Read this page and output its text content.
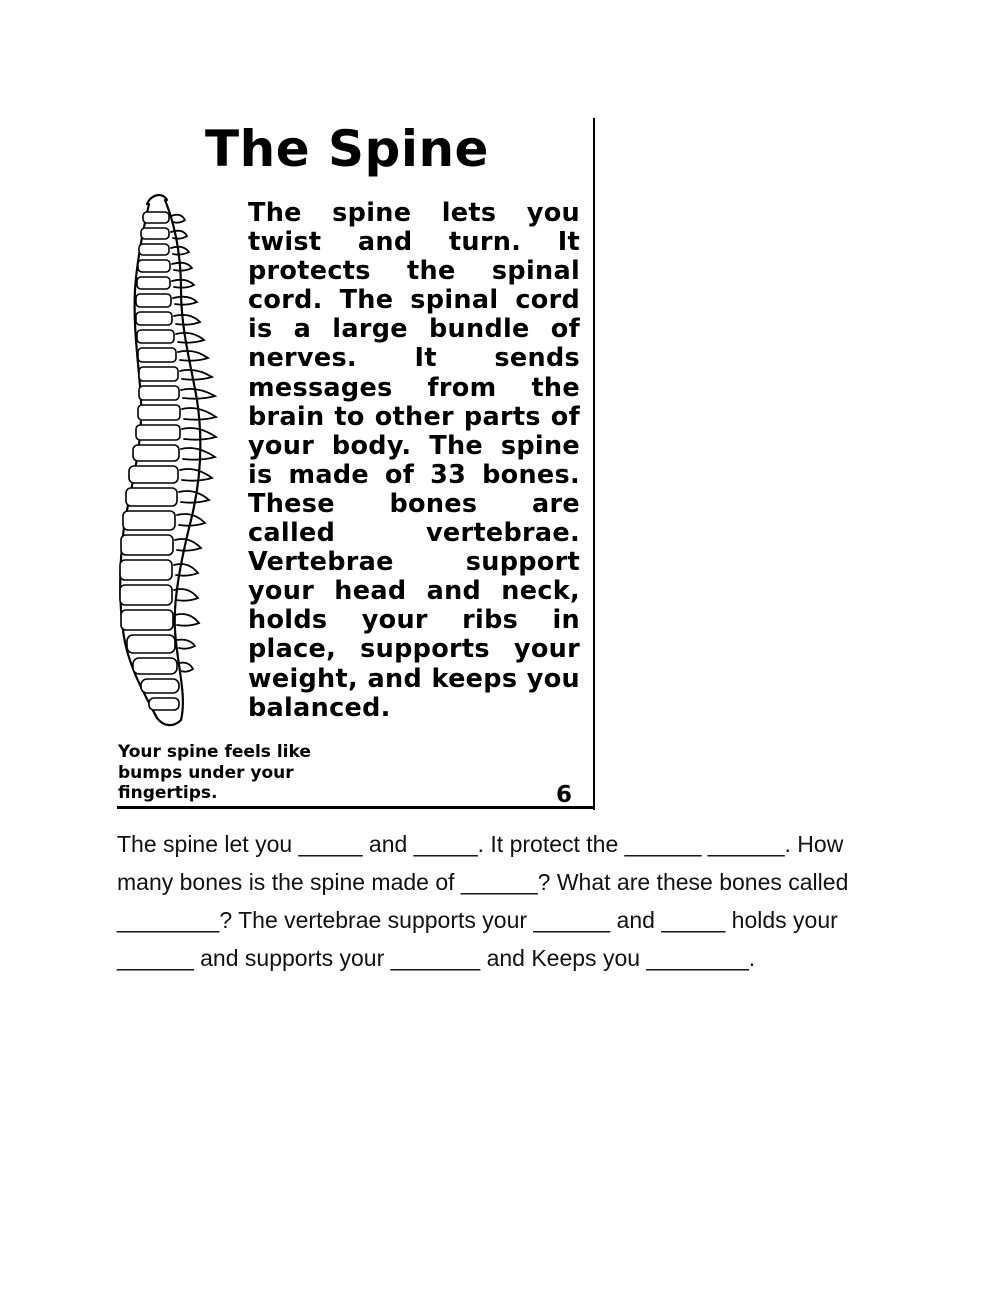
The Spine
The spine lets you twist and turn. It protects the spinal cord. The spinal cord is a large bundle of nerves. It sends messages from the brain to other parts of your body. The spine is made of 33 bones. These bones are called vertebrae. Vertebrae support your head and neck, holds your ribs in place, supports your weight, and keeps you balanced.
Your spine feels like bumps under your fingertips.	6
The spine let you _____ and _____. It protect the ______ ______. How many bones is the spine made of ______? What are these bones called ________? The vertebrae supports your ______ and _____ holds your ______ and supports your _______ and Keeps you ________.
